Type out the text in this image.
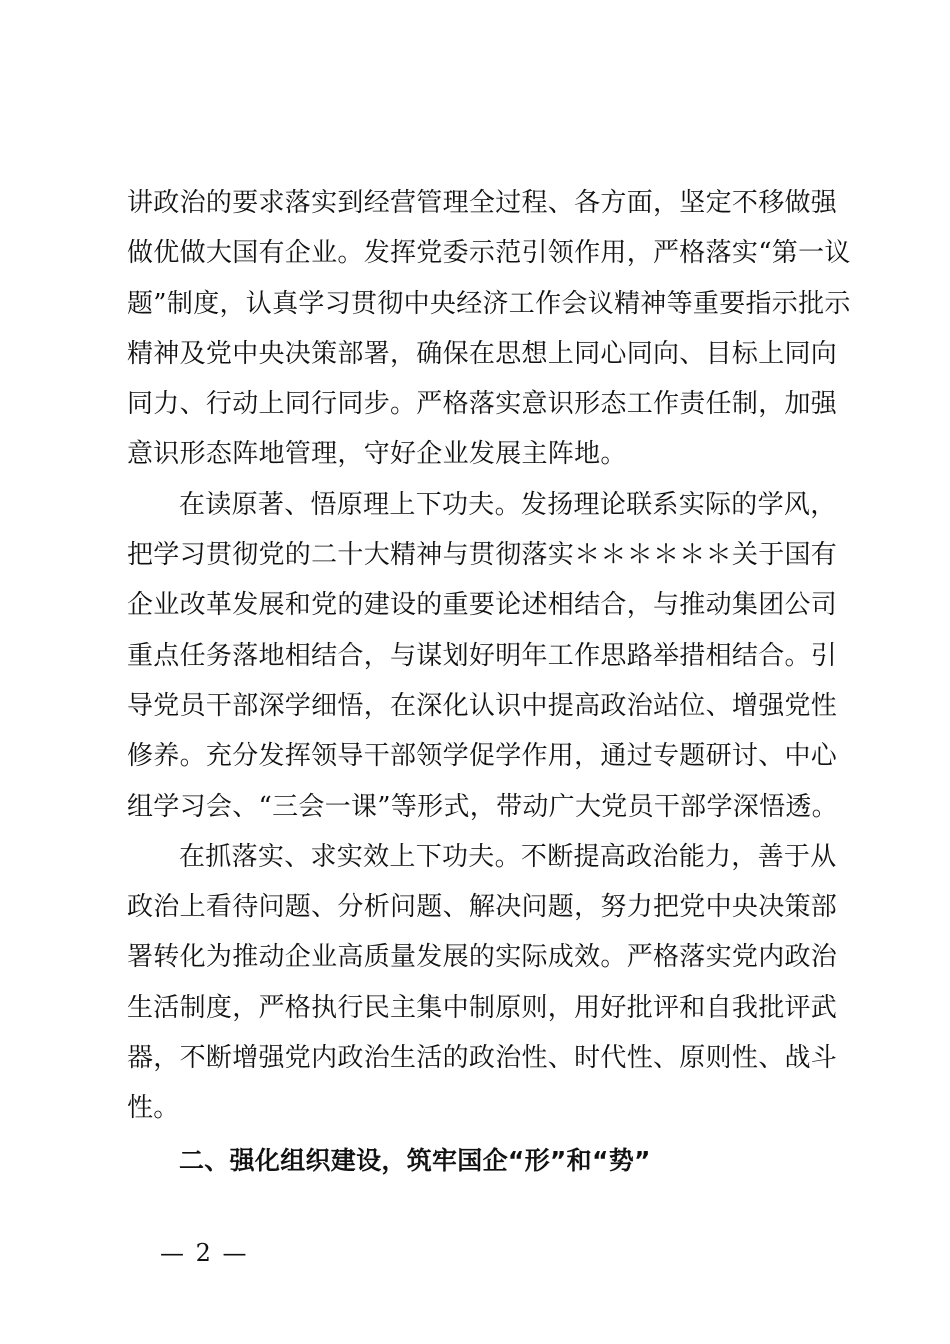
讲政治的要求落实到经营管理全过程、各方面，坚定不移做强
做优做大国有企业。发挥党委示范引领作用，严格落实“第一议
题”制度，认真学习贯彻中央经济工作会议精神等重要指示批示
精神及党中央决策部署，确保在思想上同心同向、目标上同向
同力、行动上同行同步。严格落实意识形态工作责任制，加强
意识形态阵地管理，守好企业发展主阵地。
在读原著、悟原理上下功夫。发扬理论联系实际的学风，
把学习贯彻党的二十大精神与贯彻落实＊＊＊＊＊＊关于国有
企业改革发展和党的建设的重要论述相结合，与推动集团公司
重点任务落地相结合，与谋划好明年工作思路举措相结合。引
导党员干部深学细悟，在深化认识中提高政治站位、增强党性
修养。充分发挥领导干部领学促学作用，通过专题研讨、中心
组学习会、“三会一课”等形式，带动广大党员干部学深悟透。
在抓落实、求实效上下功夫。不断提高政治能力，善于从
政治上看待问题、分析问题、解决问题，努力把党中央决策部
署转化为推动企业高质量发展的实际成效。严格落实党内政治
生活制度，严格执行民主集中制原则，用好批评和自我批评武
器，不断增强党内政治生活的政治性、时代性、原则性、战斗
性。
二、强化组织建设，筑牢国企“形”和“势”
— 2 —
